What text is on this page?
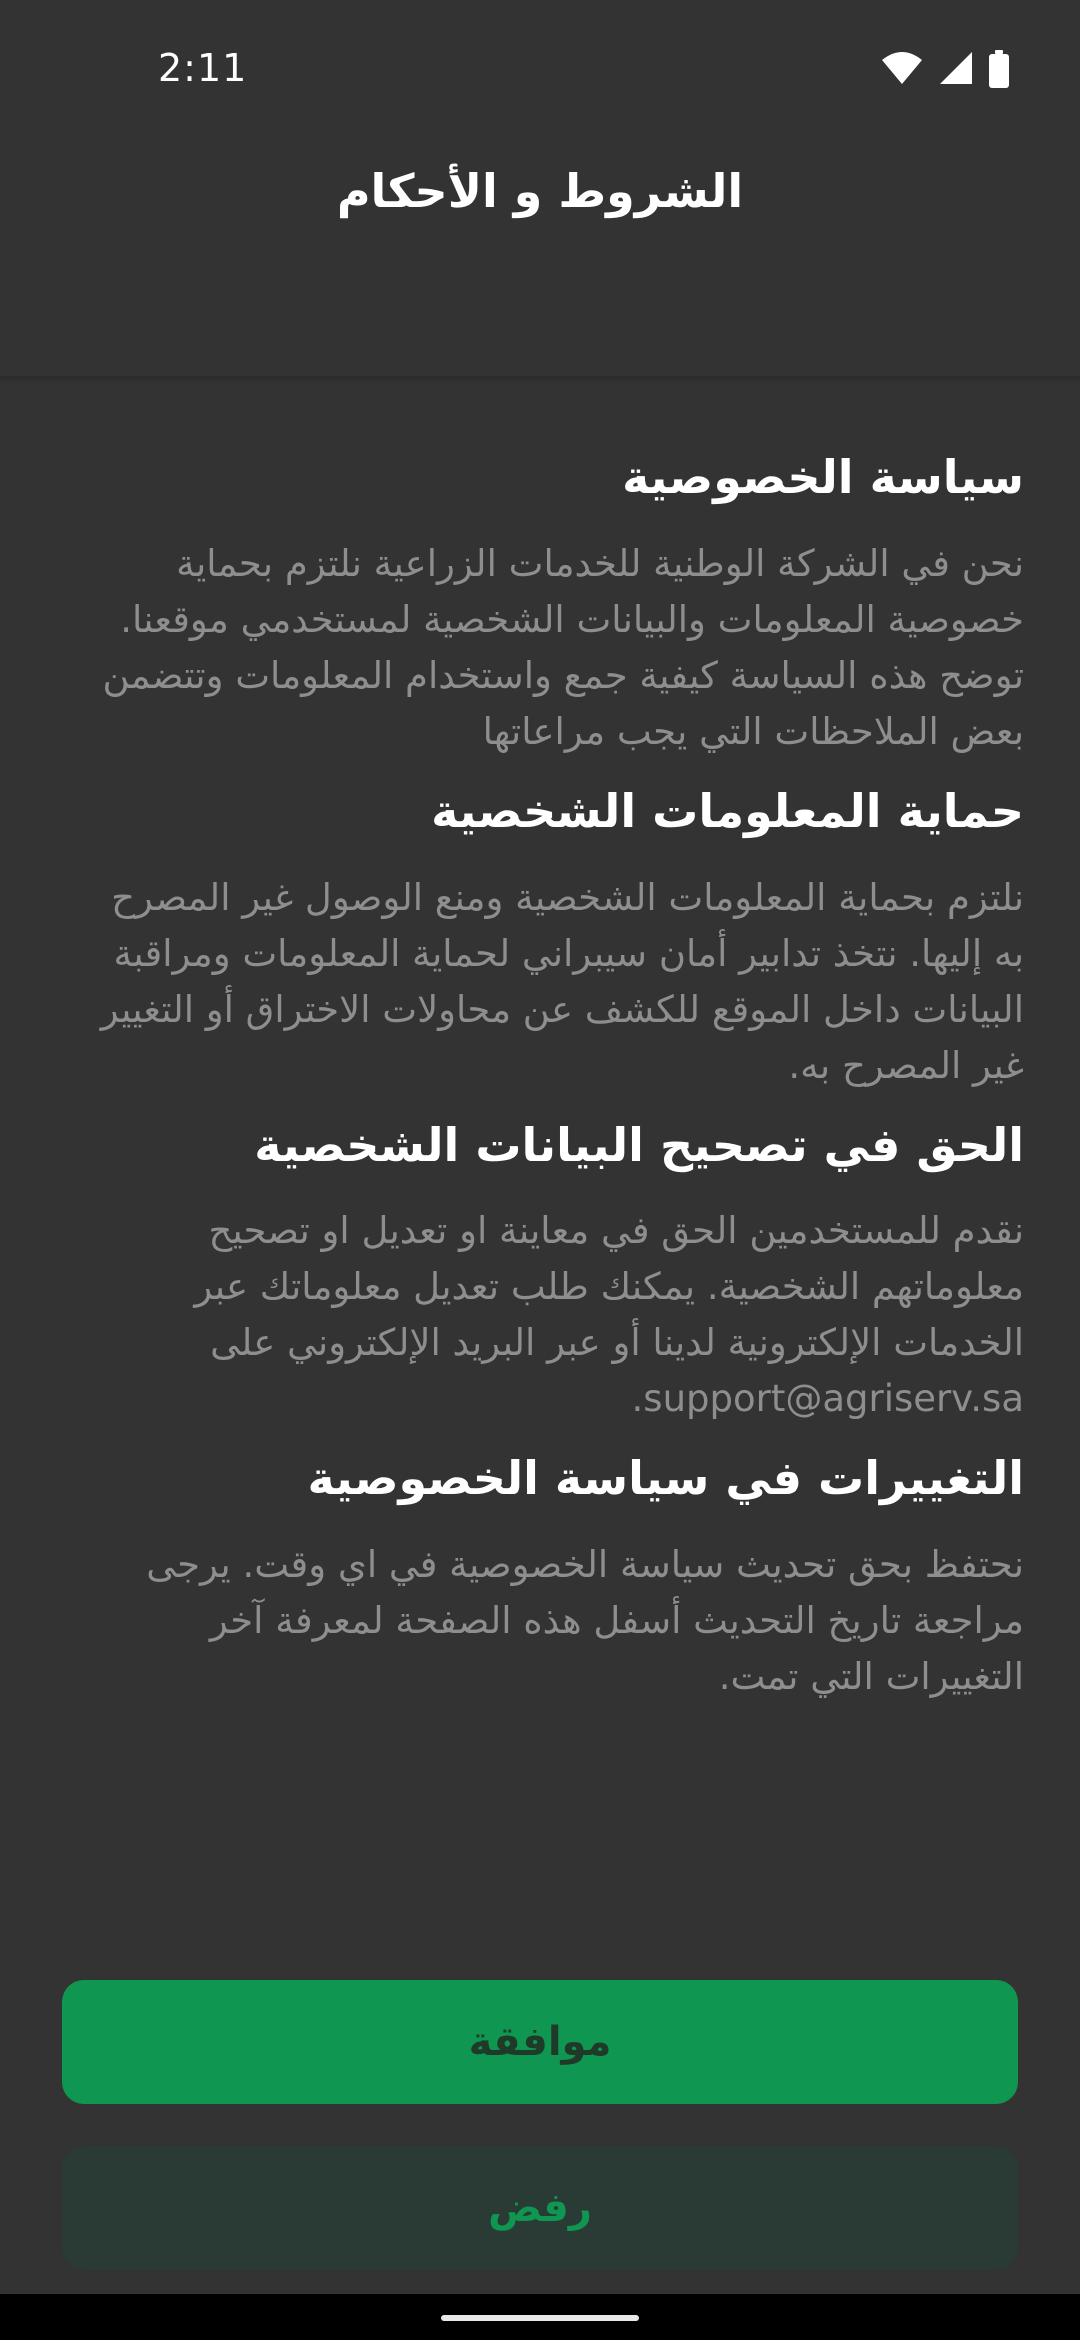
2:11
الشروط و الأحكام
سياسة الخصوصية

نحن في الشركة الوطنية للخدمات الزراعية نلتزم بحماية خصوصية المعلومات والبيانات الشخصية لمستخدمي موقعنا. توضح هذه السياسة كيفية جمع واستخدام المعلومات وتتضمن بعض الملاحظات التي يجب مراعاتها

حماية المعلومات الشخصية

نلتزم بحماية المعلومات الشخصية ومنع الوصول غير المصرح به إليها. نتخذ تدابير أمان سيبراني لحماية المعلومات ومراقبة البيانات داخل الموقع للكشف عن محاولات الاختراق أو التغيير غير المصرح به.

الحق في تصحيح البيانات الشخصية

نقدم للمستخدمين الحق في معاينة او تعديل او تصحيح معلوماتهم الشخصية. يمكنك طلب تعديل معلوماتك عبر الخدمات الإلكترونية لدينا أو عبر البريد الإلكتروني على support@agriserv.sa.

التغييرات في سياسة الخصوصية

نحتفظ بحق تحديث سياسة الخصوصية في اي وقت. يرجى مراجعة تاريخ التحديث أسفل هذه الصفحة لمعرفة آخر التغييرات التي تمت.

موافقة
رفض
